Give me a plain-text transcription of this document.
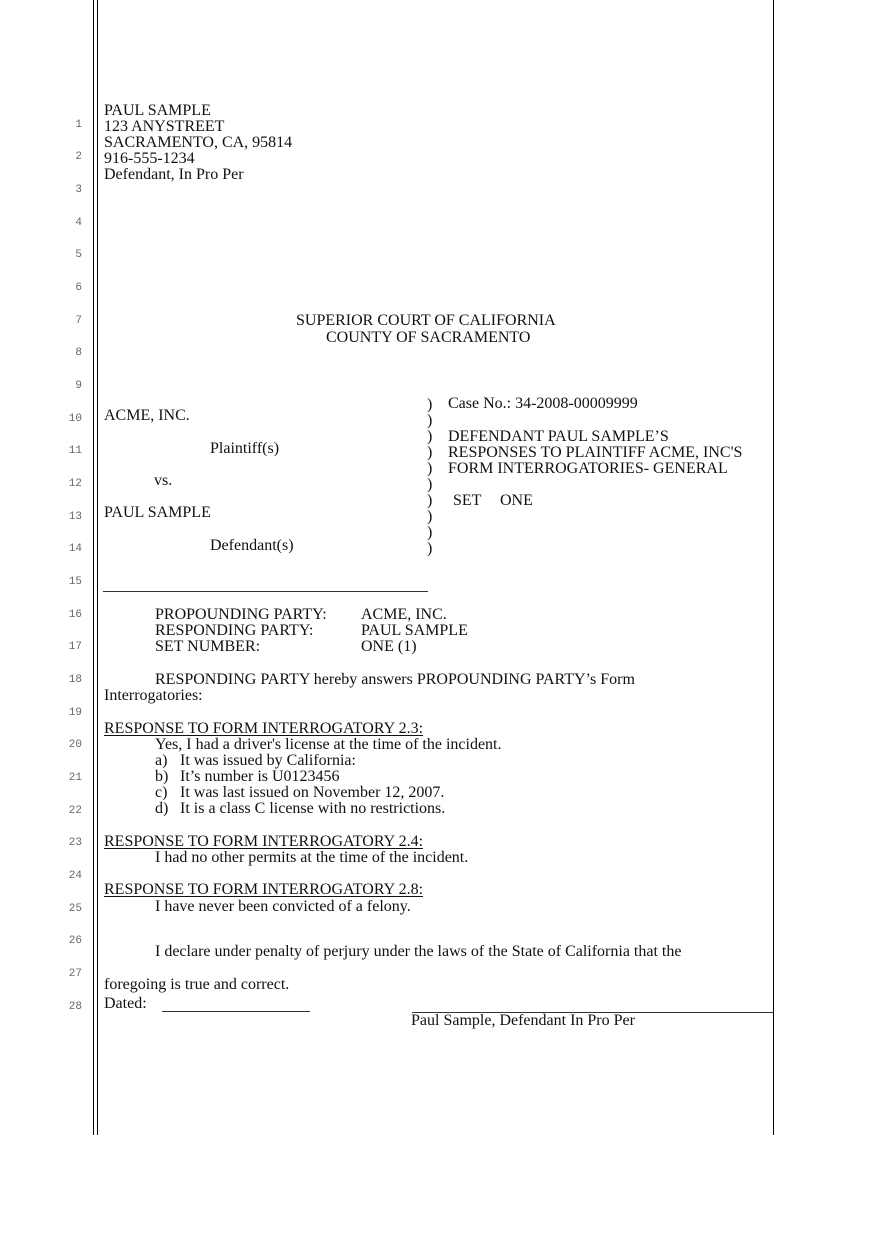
1
2
3
4
5
6
7
8
9
10
11
12
13
14
15
16
17
18
19
20
21
22
23
24
25
26
27
28
PAUL SAMPLE
123 ANYSTREET
SACRAMENTO, CA, 95814
916-555-1234
Defendant, In Pro Per
SUPERIOR COURT OF CALIFORNIA
COUNTY OF SACRAMENTO
ACME, INC.
Plaintiff(s)
vs.
PAUL SAMPLE
Defendant(s)
)
)
)
)
)
)
)
)
)
)
Case No.: 34-2008-00009999
DEFENDANT PAUL SAMPLE’S
RESPONSES TO PLAINTIFF ACME, INC'S
FORM INTERROGATORIES- GENERAL
SET ONE
PROPOUNDING PARTY: ACME, INC.
RESPONDING PARTY:	PAUL SAMPLE
SET NUMBER:	ONE (1)
RESPONDING PARTY hereby answers PROPOUNDING PARTY’s Form
Interrogatories:
RESPONSE TO FORM INTERROGATORY 2.3:
Yes, I had a driver's license at the time of the incident.
a) It was issued by California:
b) It’s number is U0123456
c) It was last issued on November 12, 2007.
d) It is a class C license with no restrictions.
RESPONSE TO FORM INTERROGATORY 2.4:
I had no other permits at the time of the incident.
RESPONSE TO FORM INTERROGATORY 2.8:
I have never been convicted of a felony.
I declare under penalty of perjury under the laws of the State of California that the
foregoing is true and correct.
Dated:
Paul Sample, Defendant In Pro Per
